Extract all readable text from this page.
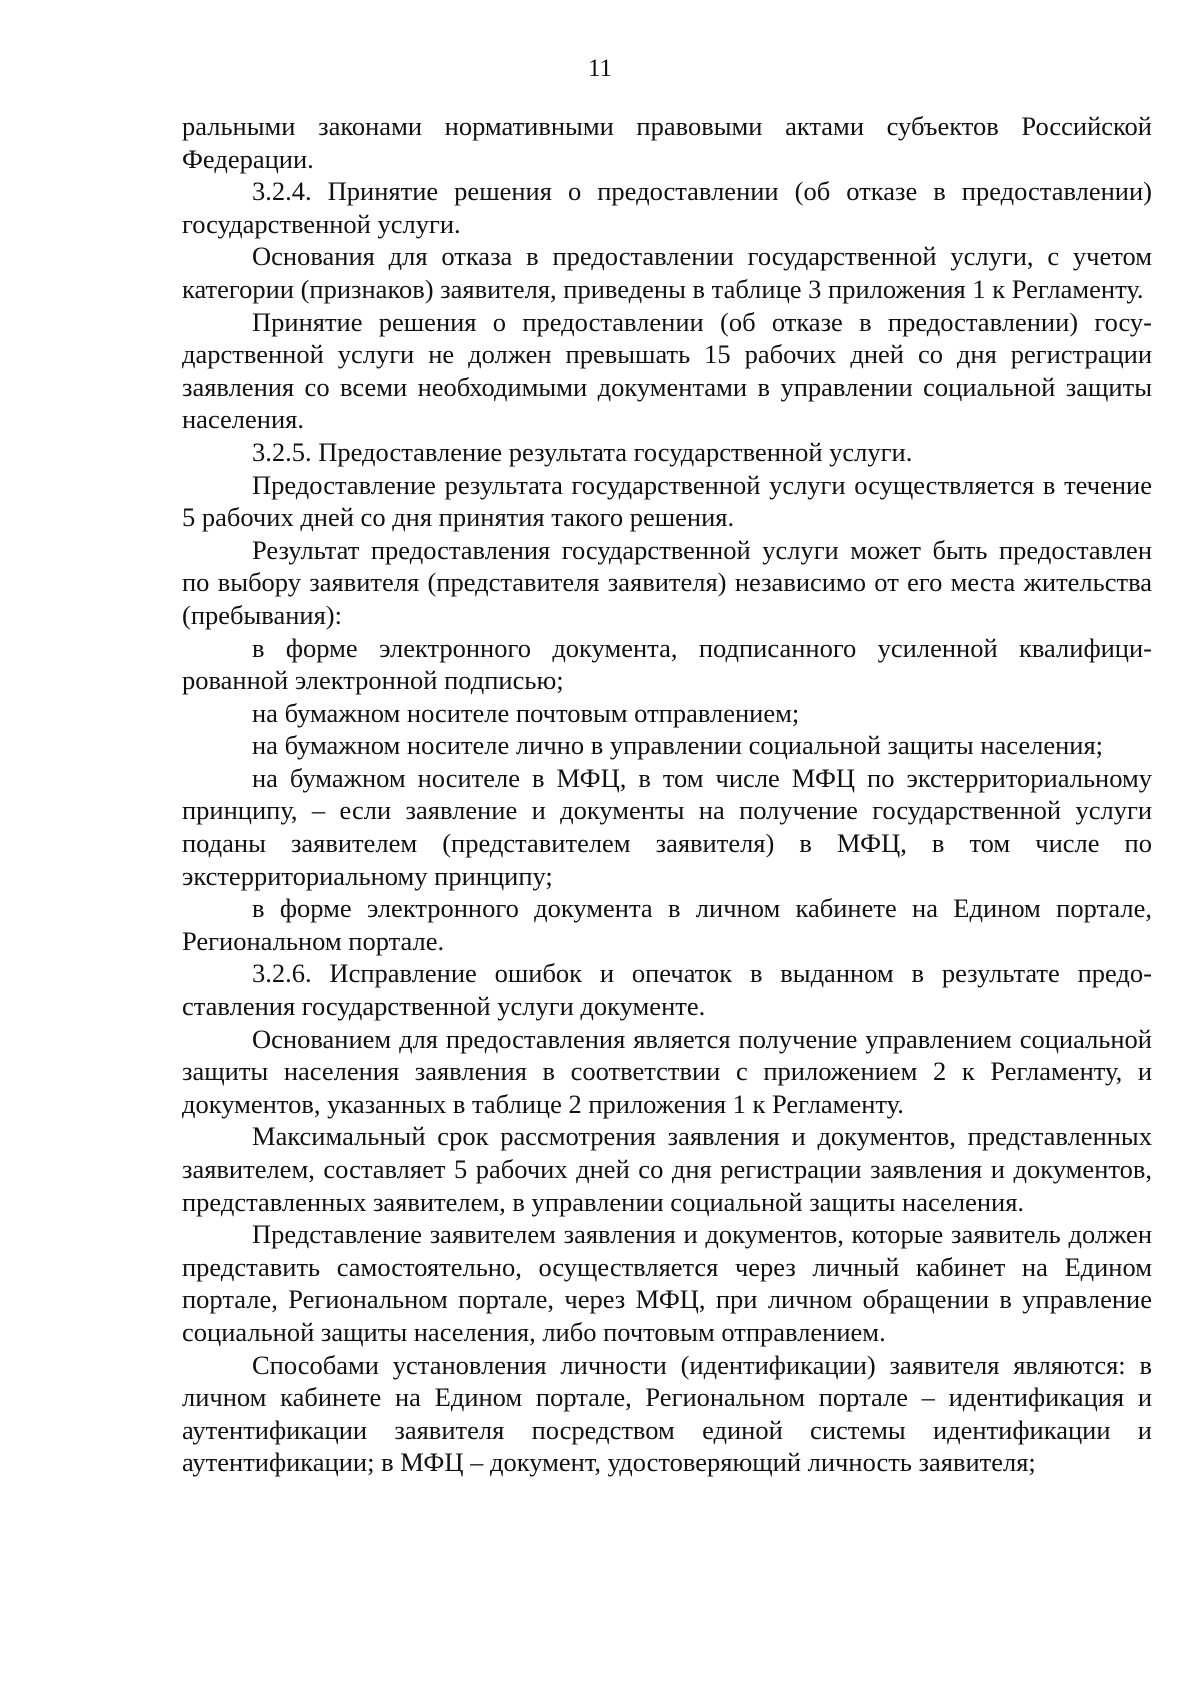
11

ральными законами нормативными правовыми актами субъектов Российской Федерации.

3.2.4. Принятие решения о предоставлении (об отказе в предоставлении) государственной услуги.

Основания для отказа в предоставлении государственной услуги, с учетом категории (признаков) заявителя, приведены в таблице 3 приложения 1 к Регламенту.

Принятие решения о предоставлении (об отказе в предоставлении) государственной услуги не должен превышать 15 рабочих дней со дня регистрации заявления со всеми необходимыми документами в управлении социальной защиты населения.

3.2.5. Предоставление результата государственной услуги.

Предоставление результата государственной услуги осуществляется в течение 5 рабочих дней со дня принятия такого решения.

Результат предоставления государственной услуги может быть предоставлен по выбору заявителя (представителя заявителя) независимо от его места жительства (пребывания):

в форме электронного документа, подписанного усиленной квалифицированной электронной подписью;

на бумажном носителе почтовым отправлением;

на бумажном носителе лично в управлении социальной защиты населения;

на бумажном носителе в МФЦ, в том числе МФЦ по экстерриториальному принципу, – если заявление и документы на получение государственной услуги поданы заявителем (представителем заявителя) в МФЦ, в том числе по экстерриториальному принципу;

в форме электронного документа в личном кабинете на Едином портале, Региональном портале.

3.2.6. Исправление ошибок и опечаток в выданном в результате предоставления государственной услуги документе.

Основанием для предоставления является получение управлением социальной защиты населения заявления в соответствии с приложением 2 к Регламенту, и документов, указанных в таблице 2 приложения 1 к Регламенту.

Максимальный срок рассмотрения заявления и документов, представленных заявителем, составляет 5 рабочих дней со дня регистрации заявления и документов, представленных заявителем, в управлении социальной защиты населения.

Представление заявителем заявления и документов, которые заявитель должен представить самостоятельно, осуществляется через личный кабинет на Едином портале, Региональном портале, через МФЦ, при личном обращении в управление социальной защиты населения, либо почтовым отправлением.

Способами установления личности (идентификации) заявителя являются: в личном кабинете на Едином портале, Региональном портале – идентификация и аутентификации заявителя посредством единой системы идентификации и аутентификации; в МФЦ – документ, удостоверяющий личность заявителя;
